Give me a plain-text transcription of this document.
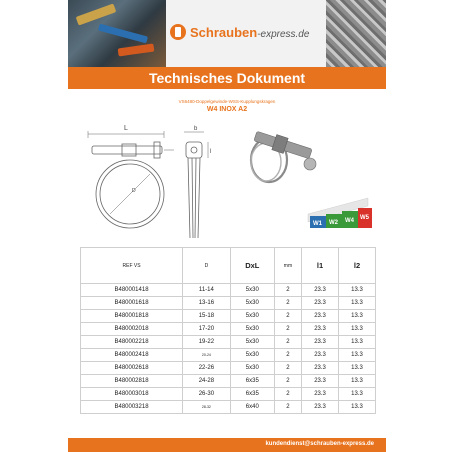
Schrauben-express.de
Technisches Dokument
VS6480-Doppelgewinde-WSS-Kupplungskragen
W4 INOX A2
L
D
b
l
W1 W2 W4 W5
REF VS	D	DxL	mm	l1	l2
B480001418	11-14	5x30	2	23.3	13.3
B480001618	13-16	5x30	2	23.3	13.3
B480001818	15-18	5x30	2	23.3	13.3
B480002018	17-20	5x30	2	23.3	13.3
B480002218	19-22	5x30	2	23.3	13.3
B480002418	20-24	5x30	2	23.3	13.3
B480002618	22-26	5x30	2	23.3	13.3
B480002818	24-28	6x35	2	23.3	13.3
B480003018	26-30	6x35	2	23.3	13.3
B480003218	28-32	6x40	2	23.3	13.3
kundendienst@schrauben-express.de
